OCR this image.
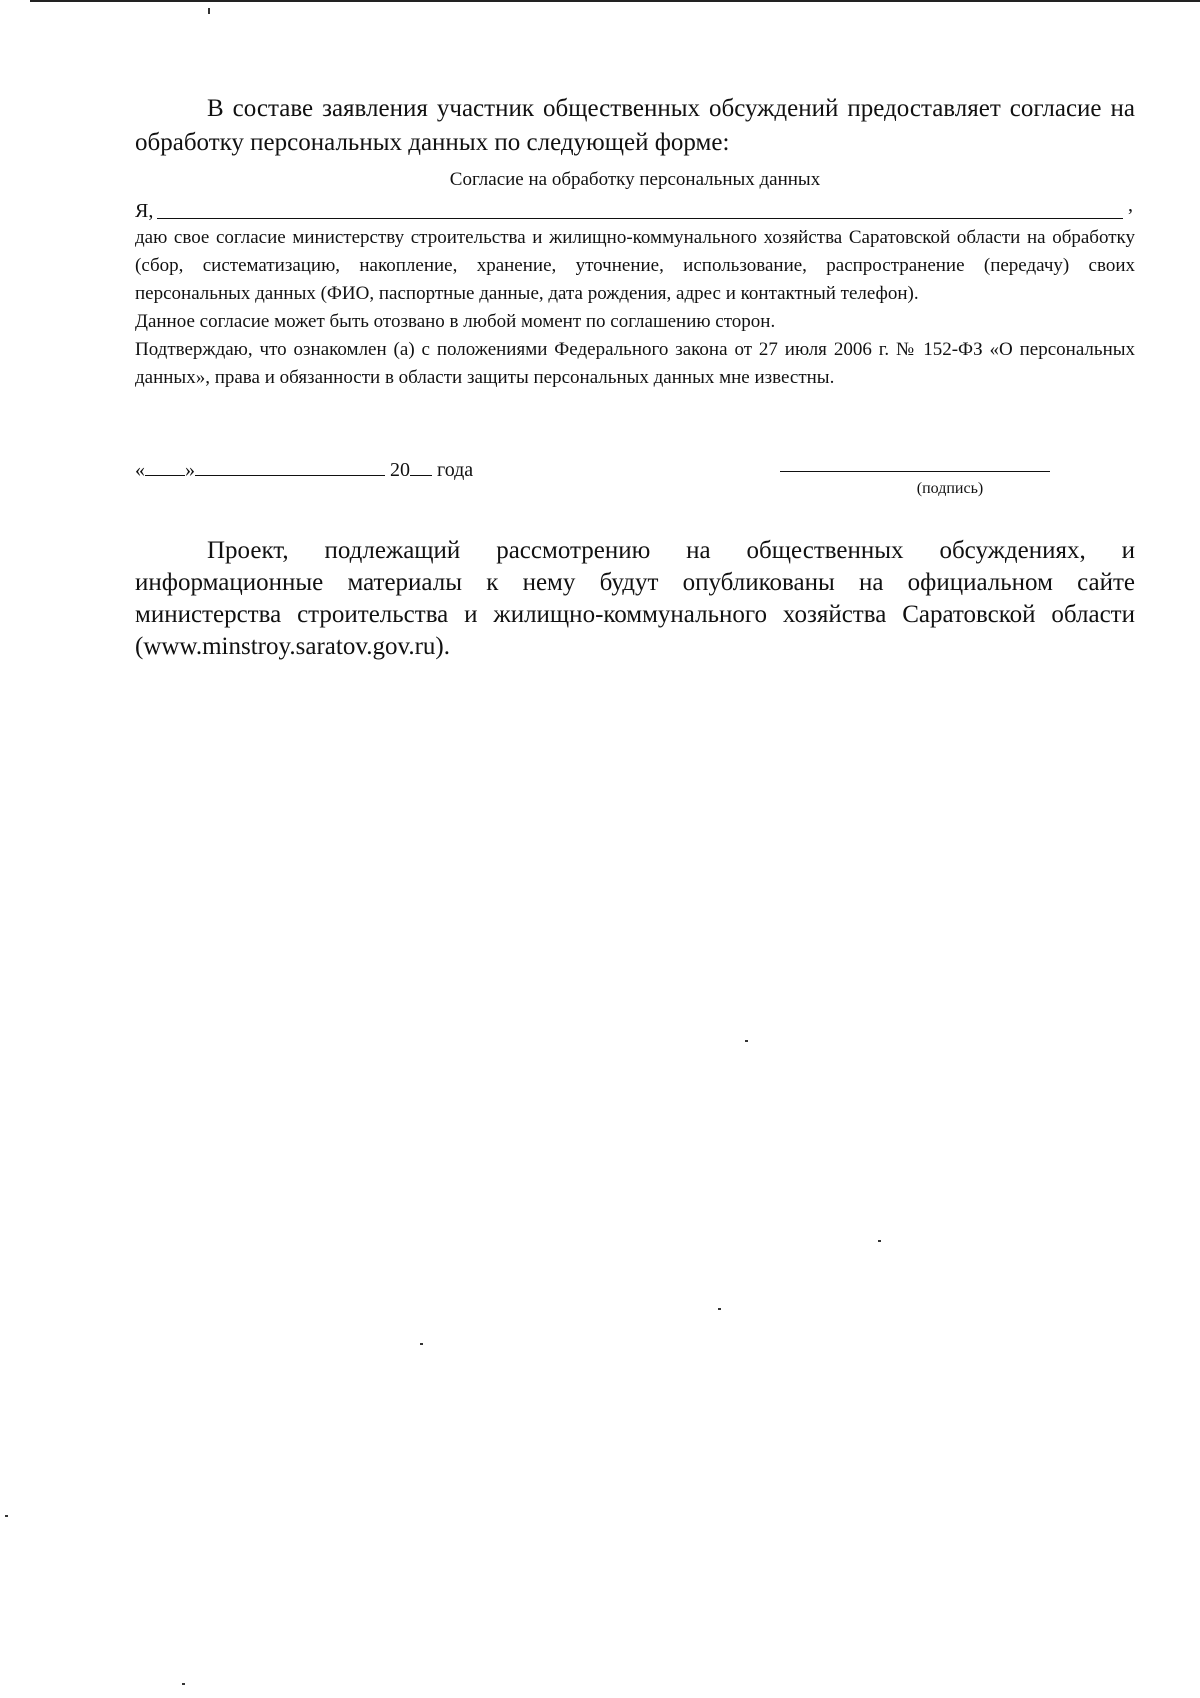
В составе заявления участник общественных обсуждений предоставляет согласие на обработку персональных данных по следующей форме:

Согласие на обработку персональных данных
Я,	,

даю свое согласие министерству строительства и жилищно-коммунального хозяйства Саратовской области на обработку (сбор, систематизацию, накопление, хранение, уточнение, использование, распространение (передачу) своих персональных данных (ФИО, паспортные данные, дата рождения, адрес и контактный телефон).

Данное согласие может быть отозвано в любой момент по соглашению сторон.

Подтверждаю, что ознакомлен (а) с положениями Федерального закона от 27 июля 2006 г. № 152-ФЗ «О персональных данных», права и обязанности в области защиты персональных данных мне известны.

« »	20 года
(подпись)

Проект, подлежащий рассмотрению на общественных обсуждениях, и информационные материалы к нему будут опубликованы на официальном сайте министерства строительства и жилищно-коммунального хозяйства Саратовской области (www.minstroy.saratov.gov.ru).
